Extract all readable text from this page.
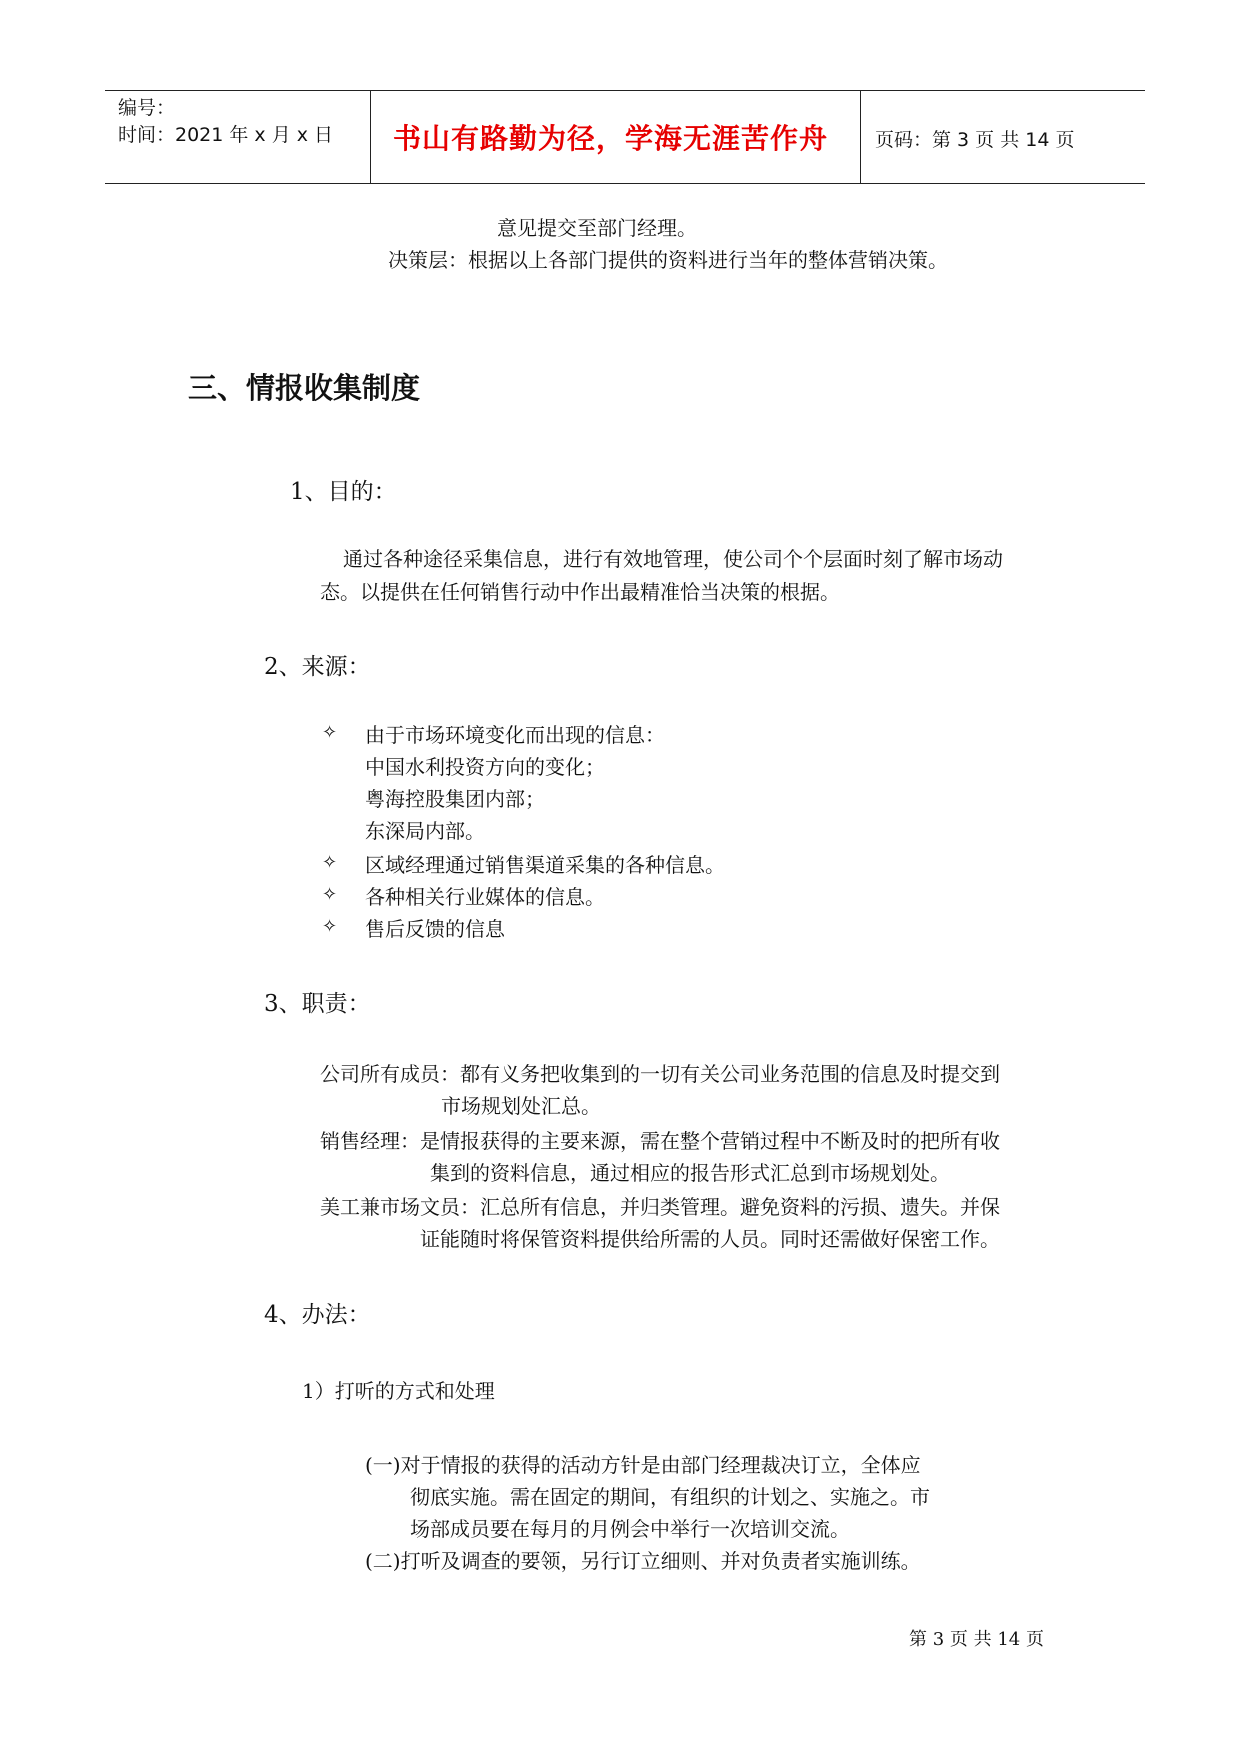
编号：
时间：2021 年 x 月 x 日 书山有路勤为径，学海无涯苦作舟 页码：第 3 页 共 14 页
意见提交至部门经理。
决策层：根据以上各部门提供的资料进行当年的整体营销决策。
三、情报收集制度
1、目的：
通过各种途径采集信息，进行有效地管理，使公司个个层面时刻了解市场动
态。以提供在任何销售行动中作出最精准恰当决策的根据。
2、来源：
✧ 由于市场环境变化而出现的信息：
中国水利投资方向的变化；
粤海控股集团内部；
东深局内部。
✧ 区域经理通过销售渠道采集的各种信息。
✧ 各种相关行业媒体的信息。
✧ 售后反馈的信息
3、职责：
公司所有成员：都有义务把收集到的一切有关公司业务范围的信息及时提交到
市场规划处汇总。
销售经理：是情报获得的主要来源，需在整个营销过程中不断及时的把所有收
集到的资料信息，通过相应的报告形式汇总到市场规划处。
美工兼市场文员：汇总所有信息，并归类管理。避免资料的污损、遗失。并保
证能随时将保管资料提供给所需的人员。同时还需做好保密工作。
4、办法：
1）打听的方式和处理
(一)对于情报的获得的活动方针是由部门经理裁决订立，全体应
彻底实施。需在固定的期间，有组织的计划之、实施之。市
场部成员要在每月的月例会中举行一次培训交流。
(二)打听及调查的要领，另行订立细则、并对负责者实施训练。
第 3 页 共 14 页
